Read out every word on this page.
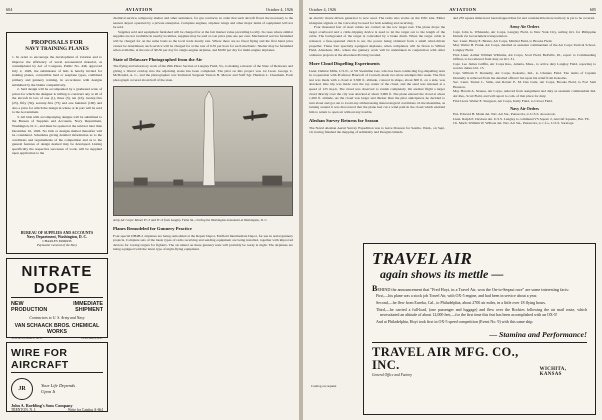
604	AVIATION	October 4, 1926
PROPOSALS FOR
NAVY TRAINING PLANES

1. In order to encourage the development of aviation and to improve the efficiency of naval aeronautical material, as contemplated by Act of Congress, Public No. 446, approved July 2, 1926, the submission of bids is hereby invited for training planes, convertible land or seaplane types, combined primary and gunnery training, in accordance with designs submitted by the bidder competitively.

2. Said design will be accompanied by a graduated scale of prices for which the designer is willing to construct any or all of the aircraft in lots of one (1), three (3), ten (10), twenty-five (25), fifty (50), seventy-five (75) and one hundred (100) and also a price for which the design in whole or in part will be sold to the Government.

3. All bids with accompanying designs will be submitted to the Bureau of Supplies and Accounts, Navy Department, Washington, D. C., and must be opened at the said not later than December 10, 1926. No bids or designs mailed thereafter will be considered. Schedules giving detailed information as to the conditions and requirements of the competition and as to the general features of design desired may be developed. Listing specifically the respective successes of work, will be supplied upon application to the

BUREAU OF SUPPLIES AND ACCOUNTS
Navy Department, Washington, D. C.
CHARLES MORRIS
Paymaster General of the Navy
NITRATE DOPE
NEW
PRODUCTION
IMMEDIATE
SHIPMENT
Contractors to U. S. Army and Navy
VAN SCHAACK BROS. CHEMICAL WORKS
3358 AVONDALE AVE.	CHICAGO, ILL.
WIRE FOR AIRCRAFT
JR
Your Life Depends
Upon It
John A. Roebling's Sons Company
TRENTON, N. J.	Write for Catalog A-664

chemical service, temporary shelter and other assistance, for gas contracts, in order that such aircraft flown the necessary to the nearest airport operated by a private enterprise. Complete engines, airplane wings and other major items of equipment will not be sold.

Supplies sold and equipment furnished will be charged for at the fair market value prevailing locally. In cases where similar supplies are not available in nearby localities, supplies may be sold at cost price plus one per cent. Mechanical service furnished will be charged for on the same basis as the local trade hourly rate. Where there are no fixed flying and the first hand price cannot be determined, such service will be charged for at the rate of 0.35 per hour for each mechanic. Shelter may be furnished when available, at the rate of $0.50 per day for single-engine airplane, and $0.80 per day for multi-engine airplanes.

State of Delaware Photographed from the Air

The flying and laboratory work of the 29th Photo Section at Langley Field, Va., is making a mosaic of the State of Delaware and giving a liberal overlap into the adjoining states has been completed. The pilot on this project was 1st Lieut. George C. McDonald, A. C., and the photographer was Technical Sergeant Vernon H. Mercer and Staff Sgt. Herman L. Cheatham. Each photograph covered about half of the state.

Army Air Corps' Monel TC-5 and TC-6 from Langley Field, Va., circling the Washington monument at Washington, D. C.
Planes Remodeled for Gunnery Practice

Four special DH4B-2 airplanes are being remodeled at the Repair Depot, Fairfield Intermediate Depot, for use in aerial gunnery projects. Complete sets of the latest types of radio receiving and sending equipment are being installed, together with improved devices for towing targets for fighters. The air tunnel on these gunnery tests will probably be ready at night. The airplanes are being equipped with the latest type of night-flying equipment.

October 4, 1926	AVIATION	605

an electric motor-driven generator is now used. The radio also works on the DX1 kite. Either triangular signals or the voice may be used for both sending and receiving.

Four thousand feet of steel cables are carried on the tow target reel. The plane drops the target overboard and a cable-tripping device is used to let the target out to the length of the cable. The background of the target is controlled by a brake drum. When the target cable is released, a fuse-operated clutch is set, the power being obtained from a small wind-driven propeller. These four specially equipped airplanes, when completed, will be flown to Wilbur Field, Aberdeen, Md., where the gunnery work will be undertaken in conjunction with other ordnance projects at the Aberdeen Proving Ground.

More Cloud Dispelling Experiments

Lieut. Delmar Mills, U.S.N., at Vil Steamline Gas, who has been conducting fog-dispelling tests in cooperation with Professor Bancroft of Cornell, made two more attempts this week. The first test was made with a cloud at 3,500 ft. altitude, colored in shape, about 600 ft. on a side, was attacked. One trip was made over the top center of the cloud, and the sand was released at a speed of 125 m.p.h. The cloud was observed to vanish completely. On another flight a larger cloud directly over the city was attacked at about 3,900 ft. The plane entered the cloud at about 1,200 ft. altitude. As the cloud was larger and thicker than the pilot anticipated, he decided to turn about and got out to avoid any embarrassing meteorological conditions. In the meantime, as turning around it was discovered that the plane had cut a wind path in the cloud which enabled him to return to open air without any trouble.

Aleshan Survey Returns for Season

The Naval Aleshan Aerial Survey Expedition was to leave Dawson for Seattle, Wash., on Sept. 10, having finished the mapping of Admiralty and Douglas Islands.

and 235 square miles have been mapped thus far and considerable more territory is yet to be covered.

Army Air Orders

Capt. John G. Whiteside, Air Corps, Langley Field, to New York City, sailing Oct. for Philippine Islands via Government transportation.

Sec. Lieut. Henry E. Baxter, Air Corps, Mitchel Field, to Brooks Field.

Maj. Walter H. Frank, Air Corps, detailed as assistant commandant of the Air Corps Tactical School, Langley Field.

First Lieut. Arthur William Williams, Air Corps, Scott Field, Bellville, Ill., report to Commanding Officer, to be relieved from duty on Oct. 31.

Capt. Leo James Griffin, Air Corps Res., Atlanta, Mass., to active duty Langley Field, reporting to receive duties Oct. 15.

Capt. William F. Donnelly, Air Corps, Kokomo, Ind., to Chanute Field. The terms of Captain Donnelly is removed from the detailed officers' list upon his relief from Kokomo.

Sec. Lieut. Turner L. Sims, and Robert E. M. Des Lisle, Air Corps, Brooks Field, to Fort Sam Houston.

Maj. Harold A. Strauss, Air Corps, relieved from assignment and duty as assistant commandant Ind. Air Res., Scott Field, and will report to com. of that place for duty.

First Lieut. Walter E. Sturgeon, Air Corps, Kelly Field, to Clover Field.

Navy Air Orders

Ens. Edward H. Mann det. Nav. Air Sta., Pensacola, to U.S.S. Aroostook.

Lieut. Ralph E. Davison det. U.S.S. Langley to command VS Squad. 2, Aircraft Squads., Bat. Flt.

Ch. Mach. William W. Willson det. Nav. Air Sta., Pensacola, to c.f.o., U.S.S. Saratoga.

Catalog on request
TRAVEL AIR
again shows its mettle —

BEHIND the announcement that "Fred Hoyt, in a Travel Air, won the On-to-Seqaui race" are some interesting facts:

First,—his plane was a stock job Travel Air, with OX-5 engine, and had been in service about a year.

Second,—he flew from Eureka, Cal., to Philadelphia, about 2700 air miles, in a little over 18 flying hours.

Third,—he carried a full-load, (one passenger and luggage) and flew over the Rockies following the air mail route, which necessitated an altitude of about 12,000 feet,—for the first time this feat has been accomplished with an OX-5!

And at Philadelphia, Hoyt took first in OX-5 speed competition (Event No. 9) with this same ship.

— Stamina and Performance!
TRAVEL AIR MFG. CO., INC.
General Office and Factory
WICHITA, KANSAS
